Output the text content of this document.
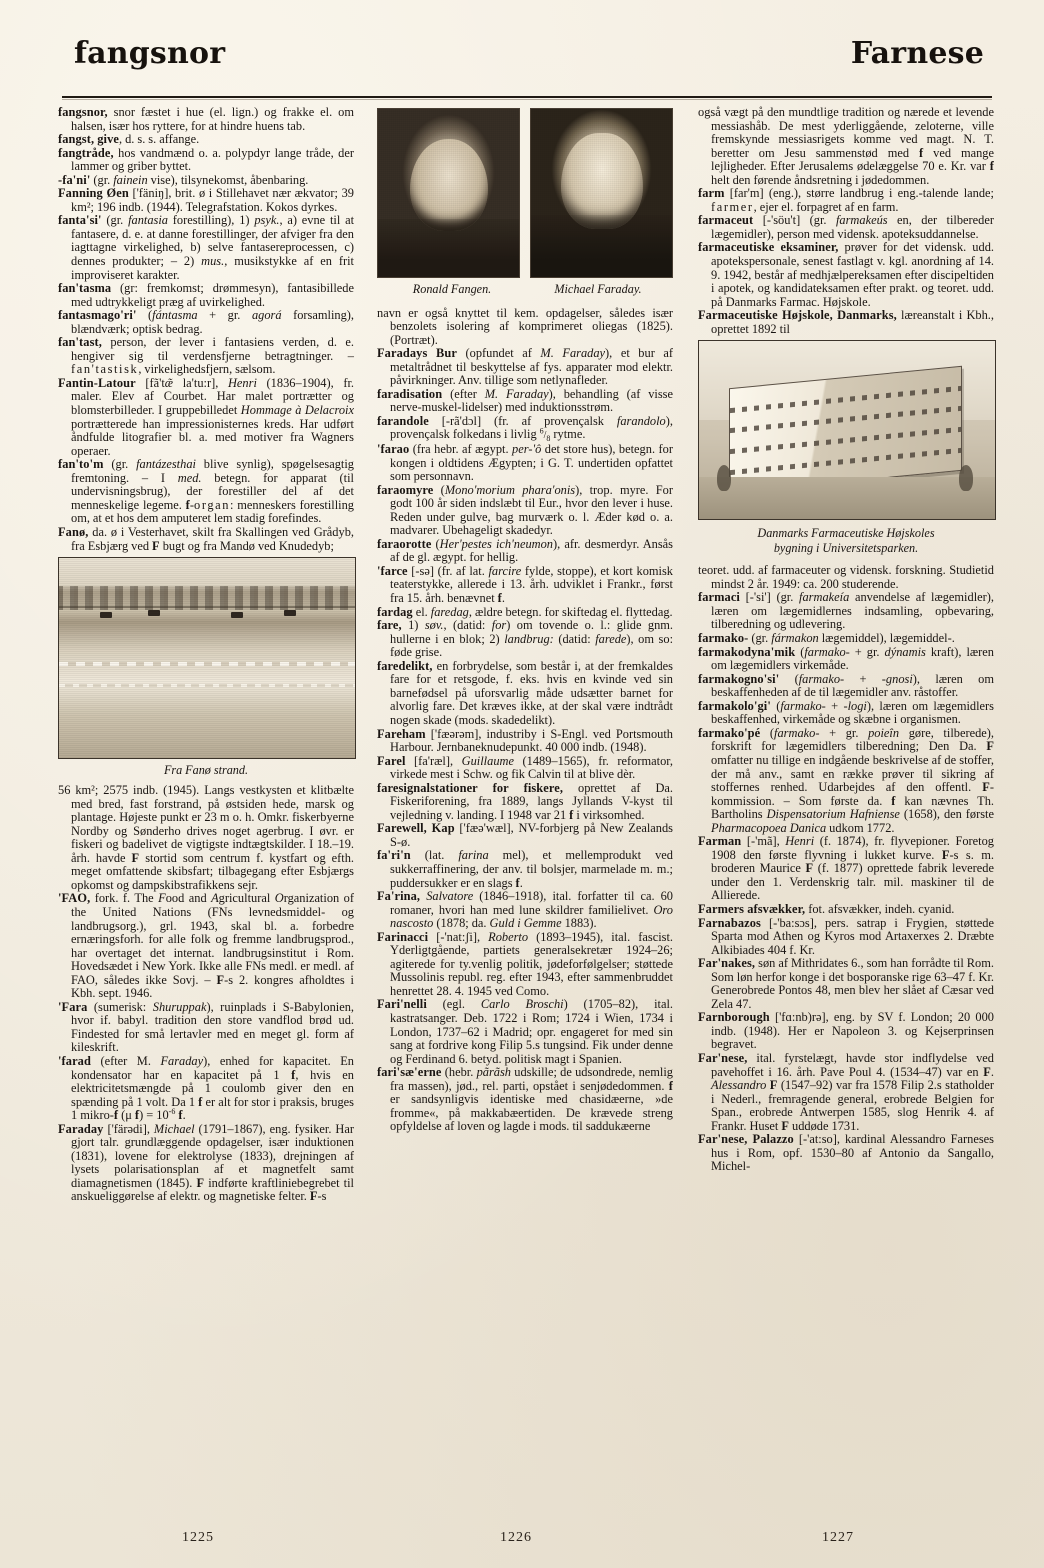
fangsnor	Farnese

fangsnor, snor fæstet i hue (el. lign.) og frakke el. om halsen, især hos ryttere, for at hindre huens tab.

fangst, give, d. s. s. affange.

fangtråde, hos vandmænd o. a. polypdyr lange tråde, der lammer og griber byttet.

-fa'ni' (gr. fainein vise), tilsynekomst, åbenbaring.

Fanning Øen ['fäniŋ], brit. ø i Stillehavet nær ækvator; 39 km²; 196 indb. (1944). Telegrafstation. Kokos dyrkes.

fanta'si' (gr. fantasia forestilling), 1) psyk., a) evne til at fantasere, d. e. at danne forestillinger, der afviger fra den iagttagne virkelighed, b) selve fantasereprocessen, c) dennes produkter; – 2) mus., musikstykke af en frit improviseret karakter.

fan'tasma (gr: fremkomst; drømmesyn), fantasibillede med udtrykkeligt præg af uvirkelighed.

fantasmago'ri' (fántasma + gr. agorá forsamling), blændværk; optisk bedrag.

fan'tast, person, der lever i fantasiens verden, d. e. hengiver sig til verdensfjerne betragtninger. – fan'tastisk, virkelighedsfjern, sælsom.

Fantin-Latour [fã'tæ̃ la'tu:r], Henri (1836–1904), fr. maler. Elev af Courbet. Har malet portrætter og blomsterbilleder. I gruppebilledet Hommage à Delacroix portrætterede han impressionisternes kreds. Har udført åndfulde litografier bl. a. med motiver fra Wagners operaer.

fan'to'm (gr. fantázesthai blive synlig), spøgelsesagtig fremtoning. – I med. betegn. for apparat (til undervisningsbrug), der forestiller del af det menneskelige legeme. f-organ: menneskers forestilling om, at et hos dem amputeret lem stadig forefindes.

Fanø, da. ø i Vesterhavet, skilt fra Skallingen ved Grådyb, fra Esbjærg ved F bugt og fra Mandø ved Knudedyb;

Fra Fanø strand.

56 km²; 2575 indb. (1945). Langs vestkysten et klitbælte med bred, fast forstrand, på østsiden hede, marsk og plantage. Højeste punkt er 23 m o. h. Omkr. fiskerbyerne Nordby og Sønderho drives noget agerbrug. I øvr. er fiskeri og badelivet de vigtigste indtægtskilder. I 18.–19. årh. havde F stortid som centrum f. kystfart og efth. meget omfattende skibsfart; tilbagegang efter Esbjærgs opkomst og dampskibstrafikkens sejr.

'FAO, fork. f. The Food and Agricultural Organization of the United Nations (FNs levnedsmiddel- og landbrugsorg.), grl. 1943, skal bl. a. forbedre ernæringsforh. for alle folk og fremme landbrugsprod., har overtaget det internat. landbrugsinstitut i Rom. Hovedsædet i New York. Ikke alle FNs medl. er medl. af FAO, således ikke Sovj. – F-s 2. kongres afholdtes i Kbh. sept. 1946.

'Fara (sumerisk: Shuruppak), ruinplads i S-Babylonien, hvor if. babyl. tradition den store vandflod brød ud. Findested for små lertavler med en meget gl. form af kileskrift.

'farad (efter M. Faraday), enhed for kapacitet. En kondensator har en kapacitet på 1 f, hvis en elektricitetsmængde på 1 coulomb giver den en spænding på 1 volt. Da 1 f er alt for stor i praksis, bruges 1 mikro-f (μ $f) = 10^{-6}$ f.

Faraday ['färədi], Michael (1791–1867), eng. fysiker. Har gjort talr. grundlæggende opdagelser, især induktionen (1831), lovene for elektrolyse (1833), drejningen af lysets polarisationsplan af et magnetfelt samt diamagnetismen (1845). F indførte kraftliniebegrebet til anskueliggørelse af elektr. og magnetiske felter. F-s

Ronald Fangen.	Michael Faraday.

navn er også knyttet til kem. opdagelser, således især benzolets isolering af komprimeret oliegas (1825). (Portræt).

Faradays Bur (opfundet af M. Faraday), et bur af metaltrådnet til beskyttelse af fys. apparater mod elektr. påvirkninger. Anv. tillige som netlynafleder.

faradisation (efter M. Faraday), behandling (af visse nerve-muskel-lidelser) med induktionsstrøm.

farandole [-rã'dɔl] (fr. af provençalsk farandolo), provençalsk folkedans i livlig $^6/_8$ rytme.

'farao (fra hebr. af ægypt. per-'ô det store hus), betegn. for kongen i oldtidens Ægypten; i G. T. undertiden opfattet som personnavn.

faraomyre (Mono'morium phara'onis), trop. myre. For godt 100 år siden indslæbt til Eur., hvor den lever i huse. Reden under gulve, bag murværk o. l. Æder kød o. a. madvarer. Ubehageligt skadedyr.

faraorotte (Her'pestes ich'neumon), afr. desmerdyr. Ansås af de gl. ægypt. for hellig.

'farce [-sə] (fr. af lat. farcire fylde, stoppe), et kort komisk teaterstykke, allerede i 13. årh. udviklet i Frankr., først fra 15. årh. benævnet f.

fardag el. faredag, ældre betegn. for skiftedag el. flyttedag.

fare, 1) søv., (datid: for) om tovende o. l.: glide gnm. hullerne i en blok; 2) landbrug: (datid: farede), om so: føde grise.

faredelikt, en forbrydelse, som består i, at der fremkaldes fare for et retsgode, f. eks. hvis en kvinde ved sin barnefødsel på uforsvarlig måde udsætter barnet for alvorlig fare. Det kræves ikke, at der skal være indtrådt nogen skade (mods. skadedelikt).

Fareham ['fæərəm], industriby i S-Engl. ved Portsmouth Harbour. Jernbaneknudepunkt. 40 000 indb. (1948).

Farel [fa'ræl], Guillaume (1489–1565), fr. reformator, virkede mest i Schw. og fik Calvin til at blive dèr.

faresignalstationer for fiskere, oprettet af Da. Fiskeriforening, fra 1889, langs Jyllands V-kyst til vejledning v. landing. I 1948 var 21 f i virksomhed.

Farewell, Kap ['fæə'wæl], NV-forbjerg på New Zealands S-ø.

fa'ri'n (lat. farina mel), et mellemprodukt ved sukkerraffinering, der anv. til bolsjer, marmelade m. m.; puddersukker er en slags f.

Fa'rina, Salvatore (1846–1918), ital. forfatter til ca. 60 romaner, hvori han med lune skildrer familielivet. Oro nascosto (1878; da. Guld i Gemme 1883).

Farinacci [-'nat:ʃi], Roberto (1893–1945), ital. fascist. Yderligtgående, partiets generalsekretær 1924–26; agiterede for ty.venlig politik, jødeforfølgelser; støttede Mussolinis republ. reg. efter 1943, efter sammenbruddet henrettet 28. 4. 1945 ved Como.

Fari'nelli (egl. Carlo Broschi) (1705–82), ital. kastratsanger. Deb. 1722 i Rom; 1724 i Wien, 1734 i London, 1737–62 i Madrid; opr. engageret for med sin sang at fordrive kong Filip 5.s tungsind. Fik under denne og Ferdinand 6. betyd. politisk magt i Spanien.

fari'sæ'erne (hebr. pãrãsh udskille; de udsondrede, nemlig fra massen), jød., rel. parti, opstået i senjødedommen. f er sandsynligvis identiske med chasidæerne, »de fromme«, på makkabæertiden. De krævede streng opfyldelse af loven og lagde i mods. til saddukæerne

også vægt på den mundtlige tradition og nærede et levende messiashåb. De mest yderliggående, zeloterne, ville fremskynde messiasrigets komme ved magt. N. T. beretter om Jesu sammenstød med f ved mange lejligheder. Efter Jerusalems ødelæggelse 70 e. Kr. var f helt den førende åndsretning i jødedommen.

farm [far'm] (eng.), større landbrug i eng.-talende lande; farmer, ejer el. forpagret af en farm.

farmaceut [-'söu't] (gr. farmakeús en, der tilbereder lægemidler), person med vidensk. apoteksuddannelse.

farmaceutiske eksaminer, prøver for det vidensk. udd. apotekspersonale, senest fastlagt v. kgl. anordning af 14. 9. 1942, består af medhjælpereksamen efter discipeltiden i apotek, og kandidateksamen efter prakt. og teoret. udd. på Danmarks Farmac. Højskole.

Farmaceutiske Højskole, Danmarks, læreanstalt i Kbh., oprettet 1892 til

Danmarks Farmaceutiske Højskoles
bygning i Universitetsparken.

teoret. udd. af farmaceuter og vidensk. forskning. Studietid mindst 2 år. 1949: ca. 200 studerende.

farmaci [-'si'] (gr. farmakeía anvendelse af lægemidler), læren om lægemidlernes indsamling, opbevaring, tilberedning og udlevering.

farmako- (gr. fármakon lægemiddel), lægemiddel-.

farmakodyna'mik (farmako- + gr. dýnamis kraft), læren om lægemidlers virkemåde.

farmakogno'si' (farmako- + -gnosi), læren om beskaffenheden af de til lægemidler anv. råstoffer.

farmakolo'gi' (farmako- + -logi), læren om lægemidlers beskaffenhed, virkemåde og skæbne i organismen.

farmako'pé (farmako- + gr. poieîn gøre, tilberede), forskrift for lægemidlers tilberedning; Den Da. F omfatter nu tillige en indgående beskrivelse af de stoffer, der må anv., samt en række prøver til sikring af stoffernes renhed. Udarbejdes af den offentl. F-kommission. – Som første da. f kan nævnes Th. Bartholins Dispensatorium Hafniense (1658), den første Pharmacopoea Danica udkom 1772.

Farman [-'mã], Henri (f. 1874), fr. flyvepioner. Foretog 1908 den første flyvning i lukket kurve. F-s s. m. broderen Maurice F (f. 1877) oprettede fabrik leverede under den 1. Verdenskrig talr. mil. maskiner til de Allierede.

Farmers afsvækker, fot. afsvækker, indeh. cyanid.

Farnabazos [-'ba:sɔs], pers. satrap i Frygien, støttede Sparta mod Athen og Kyros mod Artaxerxes 2. Dræbte Alkibiades 404 f. Kr.

Far'nakes, søn af Mithridates 6., som han forrådte til Rom. Som løn herfor konge i det bosporanske rige 63–47 f. Kr. Generobrede Pontos 48, men blev her slået af Cæsar ved Zela 47.

Farnborough ['fɑ:nb)rə], eng. by SV f. London; 20 000 indb. (1948). Her er Napoleon 3. og Kejserprinsen begravet.

Far'nese, ital. fyrstelægt, havde stor indflydelse ved pavehoffet i 16. årh. Pave Poul 4. (1534–47) var en F. Alessandro F (1547–92) var fra 1578 Filip 2.s statholder i Nederl., fremragende general, erobrede Belgien for Span., erobrede Antwerpen 1585, slog Henrik 4. af Frankr. Huset F uddøde 1731.

Far'nese, Palazzo [-'at:so], kardinal Alessandro Farneses hus i Rom, opf. 1530–80 af Antonio da Sangallo, Michel-

1225	1226	1227
